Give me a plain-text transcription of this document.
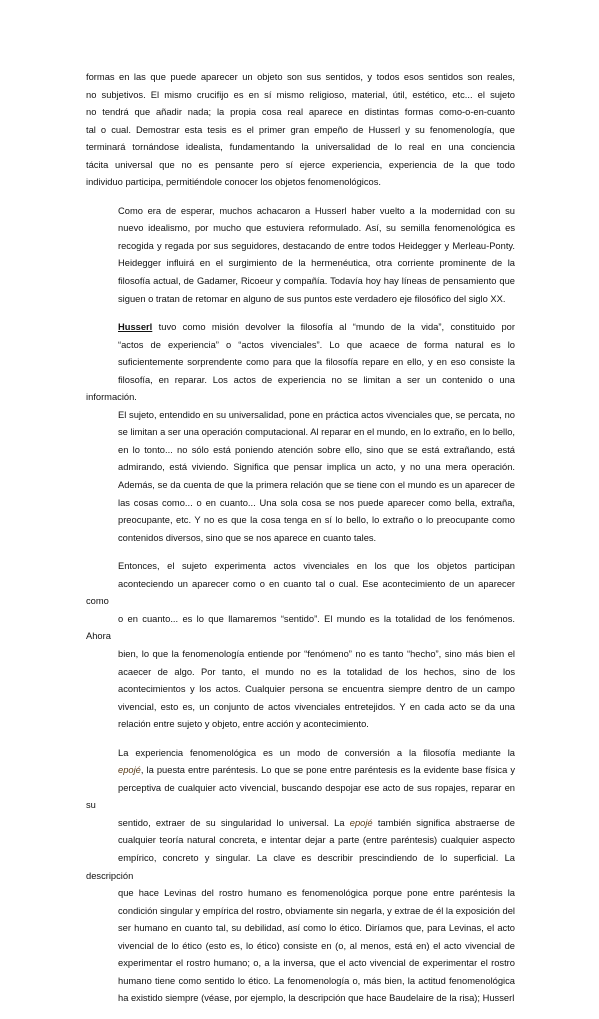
formas en las que puede aparecer un objeto son sus sentidos, y todos esos sentidos son reales,
no subjetivos. El mismo crucifijo es en sí mismo religioso, material, útil, estético, etc... el sujeto
no tendrá que añadir nada; la propia cosa real aparece en distintas formas como-o-en-cuanto
tal o cual. Demostrar esta tesis es el primer gran empeño de Husserl y su fenomenología, que
terminará tornándose idealista, fundamentando la universalidad de lo real en una conciencia
tácita universal que no es pensante pero sí ejerce experiencia, experiencia de la que todo
individuo participa, permitiéndole conocer los objetos fenomenológicos.

Como era de esperar, muchos achacaron a Husserl haber vuelto a la modernidad con su
nuevo idealismo, por mucho que estuviera reformulado. Así, su semilla fenomenológica es
recogida y regada por sus seguidores, destacando de entre todos Heidegger y Merleau-Ponty.
Heidegger influirá en el surgimiento de la hermenéutica, otra corriente prominente de la
filosofía actual, de Gadamer, Ricoeur y compañía. Todavía hoy hay líneas de pensamiento que
siguen o tratan de retomar en alguno de sus puntos este verdadero eje filosófico del siglo XX.

Husserl tuvo como misión devolver la filosofía al “mundo de la vida”, constituido por
“actos de experiencia” o “actos vivenciales”. Lo que acaece de forma natural es lo
suficientemente sorprendente como para que la filosofía repare en ello, y en eso consiste la
filosofía, en reparar. Los actos de experiencia no se limitan a ser un contenido o una información.
El sujeto, entendido en su universalidad, pone en práctica actos vivenciales que, se percata, no
se limitan a ser una operación computacional. Al reparar en el mundo, en lo extraño, en lo bello,
en lo tonto... no sólo está poniendo atención sobre ello, sino que se está extrañando, está
admirando, está viviendo. Significa que pensar implica un acto, y no una mera operación.
Además, se da cuenta de que la primera relación que se tiene con el mundo es un aparecer de
las cosas como... o en cuanto... Una sola cosa se nos puede aparecer como bella, extraña,
preocupante, etc. Y no es que la cosa tenga en sí lo bello, lo extraño o lo preocupante como
contenidos diversos, sino que se nos aparece en cuanto tales.

Entonces, el sujeto experimenta actos vivenciales en los que los objetos participan
aconteciendo un aparecer como o en cuanto tal o cual. Ese acontecimiento de un aparecer como
o en cuanto... es lo que llamaremos “sentido”. El mundo es la totalidad de los fenómenos. Ahora
bien, lo que la fenomenología entiende por “fenómeno” no es tanto “hecho”, sino más bien el
acaecer de algo. Por tanto, el mundo no es la totalidad de los hechos, sino de los
acontecimientos y los actos. Cualquier persona se encuentra siempre dentro de un campo
vivencial, esto es, un conjunto de actos vivenciales entretejidos. Y en cada acto se da una
relación entre sujeto y objeto, entre acción y acontecimiento.

La experiencia fenomenológica es un modo de conversión a la filosofía mediante la
epojé, la puesta entre paréntesis. Lo que se pone entre paréntesis es la evidente base física y
perceptiva de cualquier acto vivencial, buscando despojar ese acto de sus ropajes, reparar en su
sentido, extraer de su singularidad lo universal. La epojé también significa abstraerse de
cualquier teoría natural concreta, e intentar dejar a parte (entre paréntesis) cualquier aspecto
empírico, concreto y singular. La clave es describir prescindiendo de lo superficial. La descripción
que hace Levinas del rostro humano es fenomenológica porque pone entre paréntesis la
condición singular y empírica del rostro, obviamente sin negarla, y extrae de él la exposición del
ser humano en cuanto tal, su debilidad, así como lo ético. Diríamos que, para Levinas, el acto
vivencial de lo ético (esto es, lo ético) consiste en (o, al menos, está en) el acto vivencial de
experimentar el rostro humano; o, a la inversa, que el acto vivencial de experimentar el rostro
humano tiene como sentido lo ético. La fenomenología o, más bien, la actitud fenomenológica
ha existido siempre (véase, por ejemplo, la descripción que hace Baudelaire de la risa); Husserl
